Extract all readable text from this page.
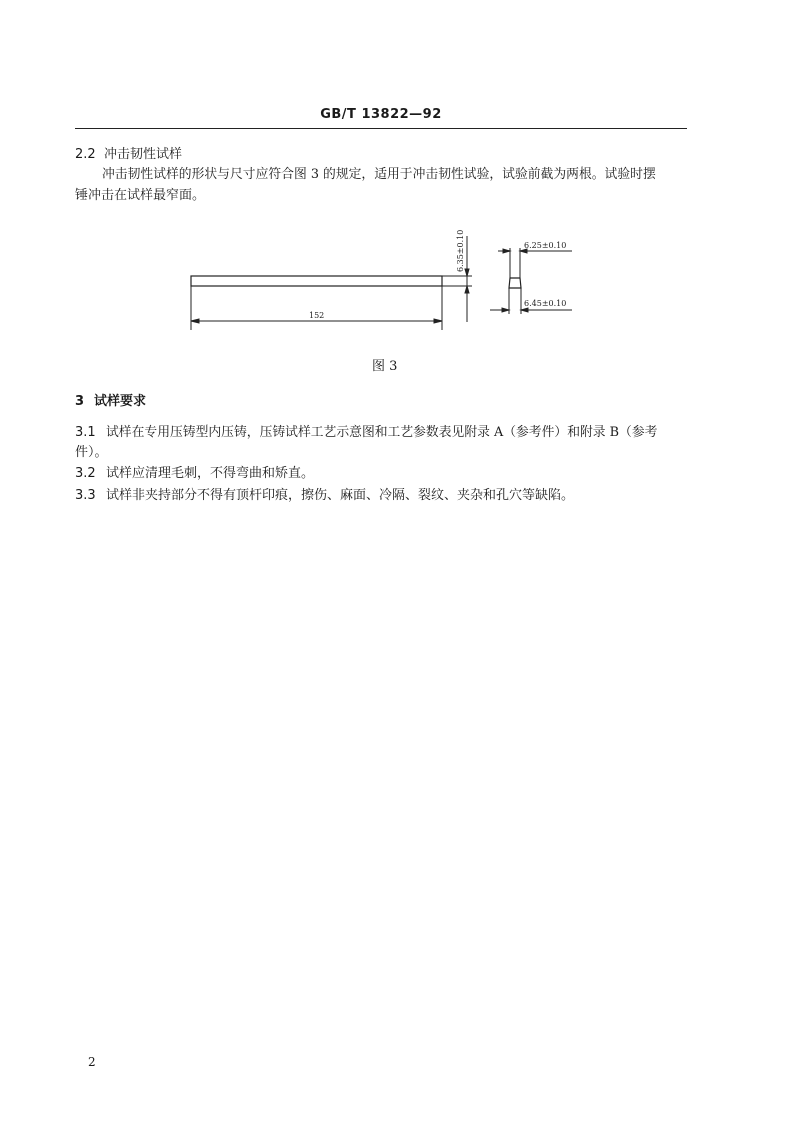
GB/T 13822—92
2.2 冲击韧性试样
冲击韧性试样的形状与尺寸应符合图 3 的规定，适用于冲击韧性试验，试验前截为两根。试验时摆
锤冲击在试样最窄面。
152
6.35±0.10	6.25±0.10
6.45±0.10
图 3
3 试样要求
3.1 试样在专用压铸型内压铸，压铸试样工艺示意图和工艺参数表见附录 A（参考件）和附录 B（参考
件）。
3.2 试样应清理毛刺，不得弯曲和矫直。
3.3 试样非夹持部分不得有顶杆印痕，擦伤、麻面、冷隔、裂纹、夹杂和孔穴等缺陷。
2
